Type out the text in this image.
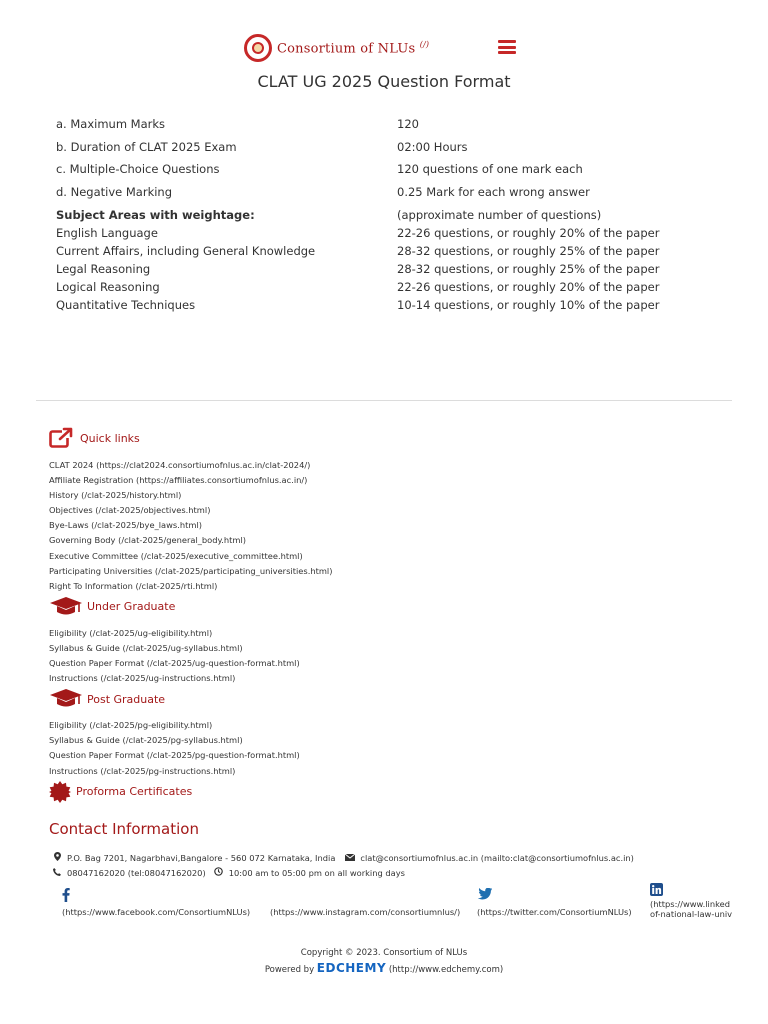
Consortium of NLUs (/)
CLAT UG 2025 Question Format
a. Maximum Marks	120
b. Duration of CLAT 2025 Exam	02:00 Hours
c. Multiple-Choice Questions	120 questions of one mark each
d. Negative Marking	0.25 Mark for each wrong answer
Subject Areas with weightage:	(approximate number of questions)
English Language	22-26 questions, or roughly 20% of the paper
Current Affairs, including General Knowledge	28-32 questions, or roughly 25% of the paper
Legal Reasoning	28-32 questions, or roughly 25% of the paper
Logical Reasoning	22-26 questions, or roughly 20% of the paper
Quantitative Techniques	10-14 questions, or roughly 10% of the paper
Quick links
CLAT 2024 (https://clat2024.consortiumofnlus.ac.in/clat-2024/)
Affiliate Registration (https://affiliates.consortiumofnlus.ac.in/)
History (/clat-2025/history.html)
Objectives (/clat-2025/objectives.html)
Bye-Laws (/clat-2025/bye_laws.html)
Governing Body (/clat-2025/general_body.html)
Executive Committee (/clat-2025/executive_committee.html)
Participating Universities (/clat-2025/participating_universities.html)
Right To Information (/clat-2025/rti.html)
Under Graduate
Eligibility (/clat-2025/ug-eligibility.html)
Syllabus & Guide (/clat-2025/ug-syllabus.html)
Question Paper Format (/clat-2025/ug-question-format.html)
Instructions (/clat-2025/ug-instructions.html)
Post Graduate
Eligibility (/clat-2025/pg-eligibility.html)
Syllabus & Guide (/clat-2025/pg-syllabus.html)
Question Paper Format (/clat-2025/pg-question-format.html)
Instructions (/clat-2025/pg-instructions.html)
Proforma Certificates
Contact Information
P.O. Bag 7201, Nagarbhavi,Bangalore - 560 072 Karnataka, India	clat@consortiumofnlus.ac.in (mailto:clat@consortiumofnlus.ac.in)
08047162020 (tel:08047162020)	10:00 am to 05:00 pm on all working days
(https://www.facebook.com/ConsortiumNLUs) (https://www.instagram.com/consortiumnlus/) (https://twitter.com/ConsortiumNLUs)
(https://www.linked
of-national-law-univ
Copyright © 2023. Consortium of NLUs
Powered by EDCHEMY (http://www.edchemy.com)
